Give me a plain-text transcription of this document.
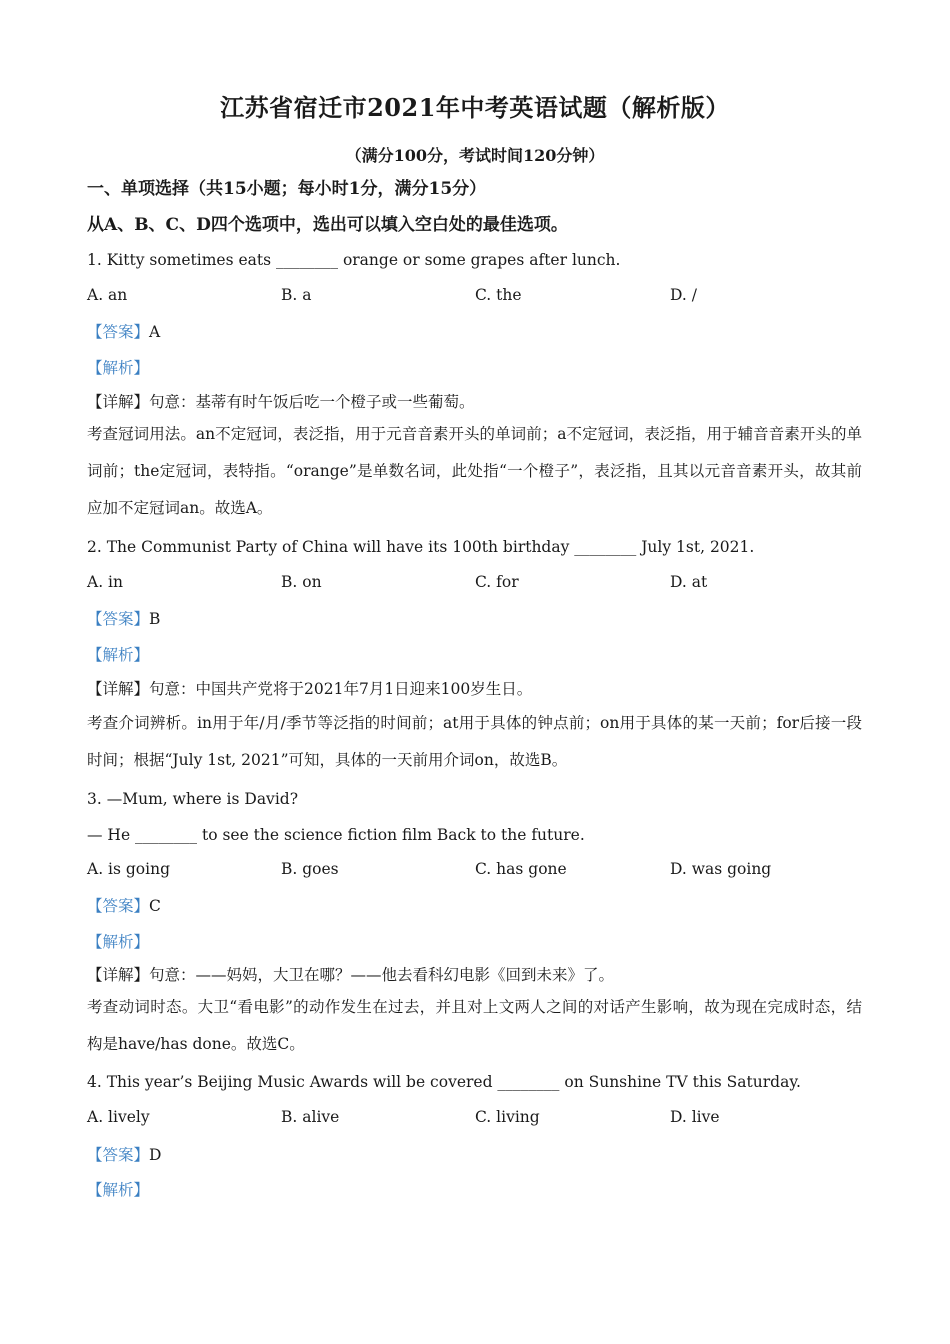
江苏省宿迁市2021年中考英语试题（解析版）
（满分100分，考试时间120分钟）
一、单项选择（共15小题；每小时1分，满分15分）
从A、B、C、D四个选项中，选出可以填入空白处的最佳选项。
1. Kitty sometimes eats ________ orange or some grapes after lunch.
A. an	B. a	C. the	D. /
【答案】A
【解析】
【详解】句意：基蒂有时午饭后吃一个橙子或一些葡萄。
考查冠词用法。an不定冠词，表泛指，用于元音音素开头的单词前；a不定冠词，表泛指，用于辅音音素开头的单词前；the定冠词，表特指。“orange”是单数名词，此处指“一个橙子”，表泛指，且其以元音音素开头，故其前应加不定冠词an。故选A。
2. The Communist Party of China will have its 100th birthday ________ July 1st, 2021.
A. in	B. on	C. for	D. at
【答案】B
【解析】
【详解】句意：中国共产党将于2021年7月1日迎来100岁生日。
考查介词辨析。in用于年/月/季节等泛指的时间前；at用于具体的钟点前；on用于具体的某一天前；for后接一段时间；根据“July 1st, 2021”可知，具体的一天前用介词on，故选B。
3. —Mum, where is David?
— He ________ to see the science fiction film Back to the future.
A. is going	B. goes	C. has gone	D. was going
【答案】C
【解析】
【详解】句意：——妈妈，大卫在哪？——他去看科幻电影《回到未来》了。
考查动词时态。大卫“看电影”的动作发生在过去，并且对上文两人之间的对话产生影响，故为现在完成时态，结构是have/has done。故选C。
4. This year’s Beijing Music Awards will be covered ________ on Sunshine TV this Saturday.
A. lively	B. alive	C. living	D. live
【答案】D
【解析】
